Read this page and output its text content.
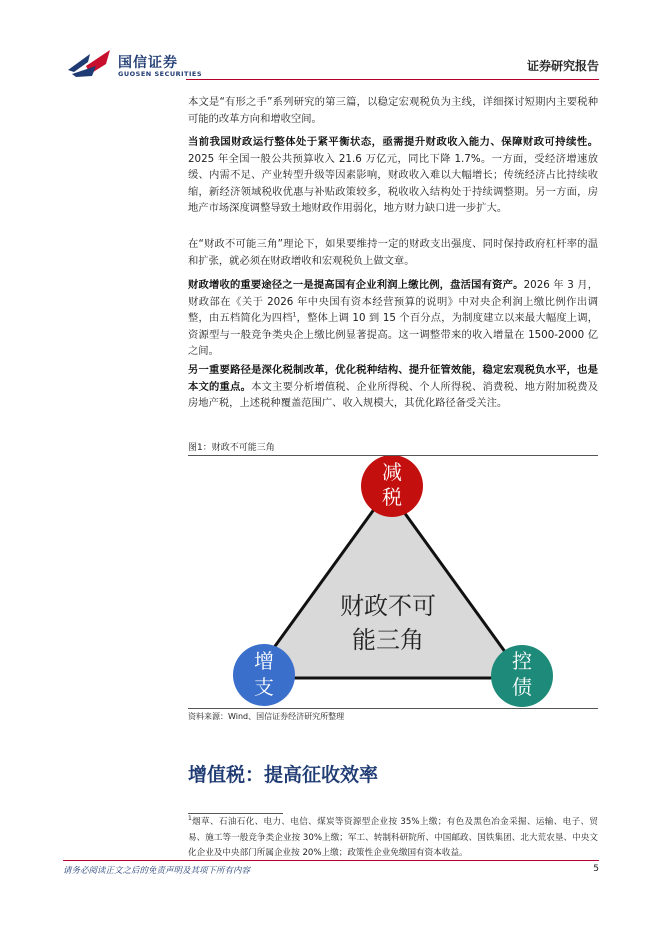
国信证券
GUOSEN SECURITIES
证券研究报告
本文是“有形之手”系列研究的第三篇，以稳定宏观税负为主线，详细探讨短期内主要税种可能的改革方向和增收空间。
当前我国财政运行整体处于紧平衡状态，亟需提升财政收入能力、保障财政可持续性。2025 年全国一般公共预算收入 21.6 万亿元，同比下降 1.7%。一方面，受经济增速放缓、内需不足、产业转型升级等因素影响，财政收入难以大幅增长；传统经济占比持续收缩，新经济领域税收优惠与补贴政策较多，税收收入结构处于持续调整期。另一方面，房地产市场深度调整导致土地财政作用弱化，地方财力缺口进一步扩大。
在“财政不可能三角”理论下，如果要维持一定的财政支出强度、同时保持政府杠杆率的温和扩张，就必须在财政增收和宏观税负上做文章。
财政增收的重要途径之一是提高国有企业利润上缴比例，盘活国有资产。2026 年 3 月，财政部在《关于 2026 年中央国有资本经营预算的说明》中对央企利润上缴比例作出调整，由五档简化为四档$^1$，整体上调 10 到 15 个百分点，为制度建立以来最大幅度上调，资源型与一般竞争类央企上缴比例显著提高。这一调整带来的收入增量在 1500-2000 亿之间。
另一重要路径是深化税制改革，优化税种结构、提升征管效能，稳定宏观税负水平，也是本文的重点。本文主要分析增值税、企业所得税、个人所得税、消费税、地方附加税费及房地产税，上述税种覆盖范围广、收入规模大，其优化路径备受关注。
图1：财政不可能三角
财政不可
能三角
减
税
增
支
控
债
资料来源：Wind、国信证券经济研究所整理
增值税：提高征收效率
$^1$烟草、石油石化、电力、电信、煤炭等资源型企业按 35%上缴；有色及黑色冶金采掘、运输、电子、贸易、施工等一般竞争类企业按 30%上缴；军工、转制科研院所、中国邮政、国铁集团、北大荒农垦、中央文化企业及中央部门所属企业按 20%上缴；政策性企业免缴国有资本收益。
请务必阅读正文之后的免责声明及其项下所有内容	5
